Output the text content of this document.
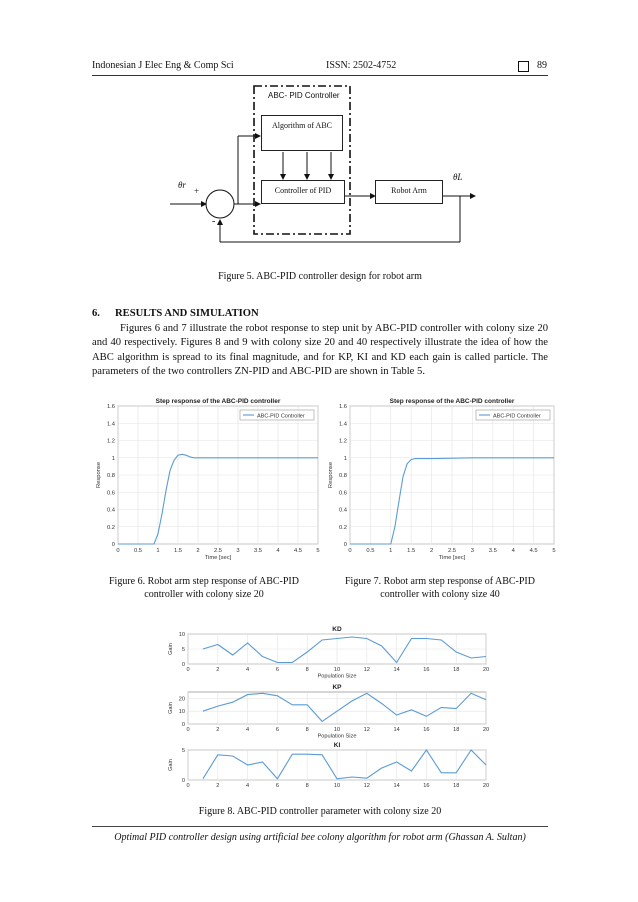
Indonesian J Elec Eng & Comp Sci	ISSN: 2502-4752	89
ABC- PID Controller
Algorithm of ABC
Controller of PID	Robot Arm
θr
θL
+
-
Figure 5. ABC-PID controller design for robot arm
6. RESULTS AND SIMULATION
Figures 6 and 7 illustrate the robot response to step unit by ABC-PID controller with colony size 20 and 40 respectively. Figures 8 and 9 with colony size 20 and 40 respectively illustrate the idea of how the ABC algorithm is spread to its final magnitude, and for KP, KI and KD each gain is called particle. The parameters of the two controllers ZN-PID and ABC-PID are shown in Table 5.
0 0.5 1 1.5 2 2.5 3 3.5 4 4.5 5
0
0.2
0.4
0.6
0.8
1
1.2
1.4
1.6
Step response of the ABC-PID controller
Time [sec]
Response
ABC-PID Controller
0	0.5	1	1.5	2	2.5	3	3.5	4	4.5	5
0
0.2
0.4
0.6
0.8
1
1.2
1.4
1.6
Step response of the ABC-PID controller
Time [sec]
Response
ABC-PID Controller
Figure 6. Robot arm step response of ABC-PID
controller with colony size 20
Figure 7. Robot arm step response of ABC-PID
controller with colony size 40
0	2	4	6	8	10	12	14	16	18	20
0
5
10
KD
Population Size
Gain
0	2	4	6	8	10	12	14	16	18	20
0
10
20
KP
Population Size
Gain
0	2	4	6	8	10	12	14	16	18	20
0
5
KI
Gain
Figure 8. ABC-PID controller parameter with colony size 20
Optimal PID controller design using artificial bee colony algorithm for robot arm (Ghassan A. Sultan)
